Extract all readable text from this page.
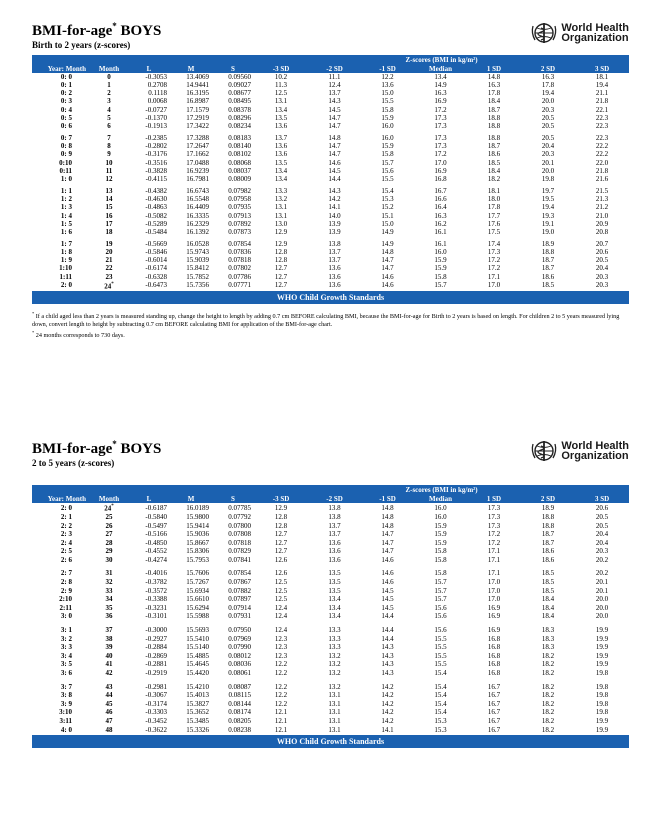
BMI-for-age* BOYS
Birth to 2 years (z-scores)
World Health
Organization
					Z-scores (BMI in kg/m²)						
Year: Month	Month	L	M	S	-3 SD	-2 SD	-1 SD	Median	1 SD	2 SD	3 SD
0: 0	0	-0.3053	13.4069	0.09560	10.2	11.1	12.2	13.4	14.8	16.3	18.1
0: 1	1	0.2708	14.9441	0.09027	11.3	12.4	13.6	14.9	16.3	17.8	19.4
0: 2	2	0.1118	16.3195	0.08677	12.5	13.7	15.0	16.3	17.8	19.4	21.1
0: 3	3	0.0068	16.8987	0.08495	13.1	14.3	15.5	16.9	18.4	20.0	21.8
0: 4	4	-0.0727	17.1579	0.08378	13.4	14.5	15.8	17.2	18.7	20.3	22.1
0: 5	5	-0.1370	17.2919	0.08296	13.5	14.7	15.9	17.3	18.8	20.5	22.3
0: 6	6	-0.1913	17.3422	0.08234	13.6	14.7	16.0	17.3	18.8	20.5	22.3

0: 7	7	-0.2385	17.3288	0.08183	13.7	14.8	16.0	17.3	18.8	20.5	22.3
0: 8	8	-0.2802	17.2647	0.08140	13.6	14.7	15.9	17.3	18.7	20.4	22.2
0: 9	9	-0.3176	17.1662	0.08102	13.6	14.7	15.8	17.2	18.6	20.3	22.2
0:10	10	-0.3516	17.0488	0.08068	13.5	14.6	15.7	17.0	18.5	20.1	22.0
0:11	11	-0.3828	16.9239	0.08037	13.4	14.5	15.6	16.9	18.4	20.0	21.8
1: 0	12	-0.4115	16.7981	0.08009	13.4	14.4	15.5	16.8	18.2	19.8	21.6

1: 1	13	-0.4382	16.6743	0.07982	13.3	14.3	15.4	16.7	18.1	19.7	21.5
1: 2	14	-0.4630	16.5548	0.07958	13.2	14.2	15.3	16.6	18.0	19.5	21.3
1: 3	15	-0.4863	16.4409	0.07935	13.1	14.1	15.2	16.4	17.8	19.4	21.2
1: 4	16	-0.5082	16.3335	0.07913	13.1	14.0	15.1	16.3	17.7	19.3	21.0
1: 5	17	-0.5289	16.2329	0.07892	13.0	13.9	15.0	16.2	17.6	19.1	20.9
1: 6	18	-0.5484	16.1392	0.07873	12.9	13.9	14.9	16.1	17.5	19.0	20.8

1: 7	19	-0.5669	16.0528	0.07854	12.9	13.8	14.9	16.1	17.4	18.9	20.7
1: 8	20	-0.5846	15.9743	0.07836	12.8	13.7	14.8	16.0	17.3	18.8	20.6
1: 9	21	-0.6014	15.9039	0.07818	12.8	13.7	14.7	15.9	17.2	18.7	20.5
1:10	22	-0.6174	15.8412	0.07802	12.7	13.6	14.7	15.9	17.2	18.7	20.4
1:11	23	-0.6328	15.7852	0.07786	12.7	13.6	14.6	15.8	17.1	18.6	20.3
2: 0	24*	-0.6473	15.7356	0.07771	12.7	13.6	14.6	15.7	17.0	18.5	20.3
WHO Child Growth Standards

* If a child aged less than 2 years is measured standing up, change the height to length by adding 0.7 cm BEFORE calculating BMI, because the BMI-for-age for Birth to 2 years is based on length. For children 2 to 5 years measured lying down, convert length to height by subtracting 0.7 cm BEFORE calculating BMI for application of the BMI-for-age chart.

* 24 months corresponds to 730 days.

BMI-for-age* BOYS
2 to 5 years (z-scores)
World Health
Organization
					Z-scores (BMI in kg/m²)						
Year: Month	Month	L	M	S	-3 SD	-2 SD	-1 SD	Median	1 SD	2 SD	3 SD
2: 0	24*	-0.6187	16.0189	0.07785	12.9	13.8	14.8	16.0	17.3	18.9	20.6
2: 1	25	-0.5840	15.9800	0.07792	12.8	13.8	14.8	16.0	17.3	18.8	20.5
2: 2	26	-0.5497	15.9414	0.07800	12.8	13.7	14.8	15.9	17.3	18.8	20.5
2: 3	27	-0.5166	15.9036	0.07808	12.7	13.7	14.7	15.9	17.2	18.7	20.4
2: 4	28	-0.4850	15.8667	0.07818	12.7	13.6	14.7	15.9	17.2	18.7	20.4
2: 5	29	-0.4552	15.8306	0.07829	12.7	13.6	14.7	15.8	17.1	18.6	20.3
2: 6	30	-0.4274	15.7953	0.07841	12.6	13.6	14.6	15.8	17.1	18.6	20.2

2: 7	31	-0.4016	15.7606	0.07854	12.6	13.5	14.6	15.8	17.1	18.5	20.2
2: 8	32	-0.3782	15.7267	0.07867	12.5	13.5	14.6	15.7	17.0	18.5	20.1
2: 9	33	-0.3572	15.6934	0.07882	12.5	13.5	14.5	15.7	17.0	18.5	20.1
2:10	34	-0.3388	15.6610	0.07897	12.5	13.4	14.5	15.7	17.0	18.4	20.0
2:11	35	-0.3231	15.6294	0.07914	12.4	13.4	14.5	15.6	16.9	18.4	20.0
3: 0	36	-0.3101	15.5988	0.07931	12.4	13.4	14.4	15.6	16.9	18.4	20.0

3: 1	37	-0.3000	15.5693	0.07950	12.4	13.3	14.4	15.6	16.9	18.3	19.9
3: 2	38	-0.2927	15.5410	0.07969	12.3	13.3	14.4	15.5	16.8	18.3	19.9
3: 3	39	-0.2884	15.5140	0.07990	12.3	13.3	14.3	15.5	16.8	18.3	19.9
3: 4	40	-0.2869	15.4885	0.08012	12.3	13.2	14.3	15.5	16.8	18.2	19.9
3: 5	41	-0.2881	15.4645	0.08036	12.2	13.2	14.3	15.5	16.8	18.2	19.9
3: 6	42	-0.2919	15.4420	0.08061	12.2	13.2	14.3	15.4	16.8	18.2	19.8

3: 7	43	-0.2981	15.4210	0.08087	12.2	13.2	14.2	15.4	16.7	18.2	19.8
3: 8	44	-0.3067	15.4013	0.08115	12.2	13.1	14.2	15.4	16.7	18.2	19.8
3: 9	45	-0.3174	15.3827	0.08144	12.2	13.1	14.2	15.4	16.7	18.2	19.8
3:10	46	-0.3303	15.3652	0.08174	12.1	13.1	14.2	15.4	16.7	18.2	19.8
3:11	47	-0.3452	15.3485	0.08205	12.1	13.1	14.2	15.3	16.7	18.2	19.9
4: 0	48	-0.3622	15.3326	0.08238	12.1	13.1	14.1	15.3	16.7	18.2	19.9
WHO Child Growth Standards
